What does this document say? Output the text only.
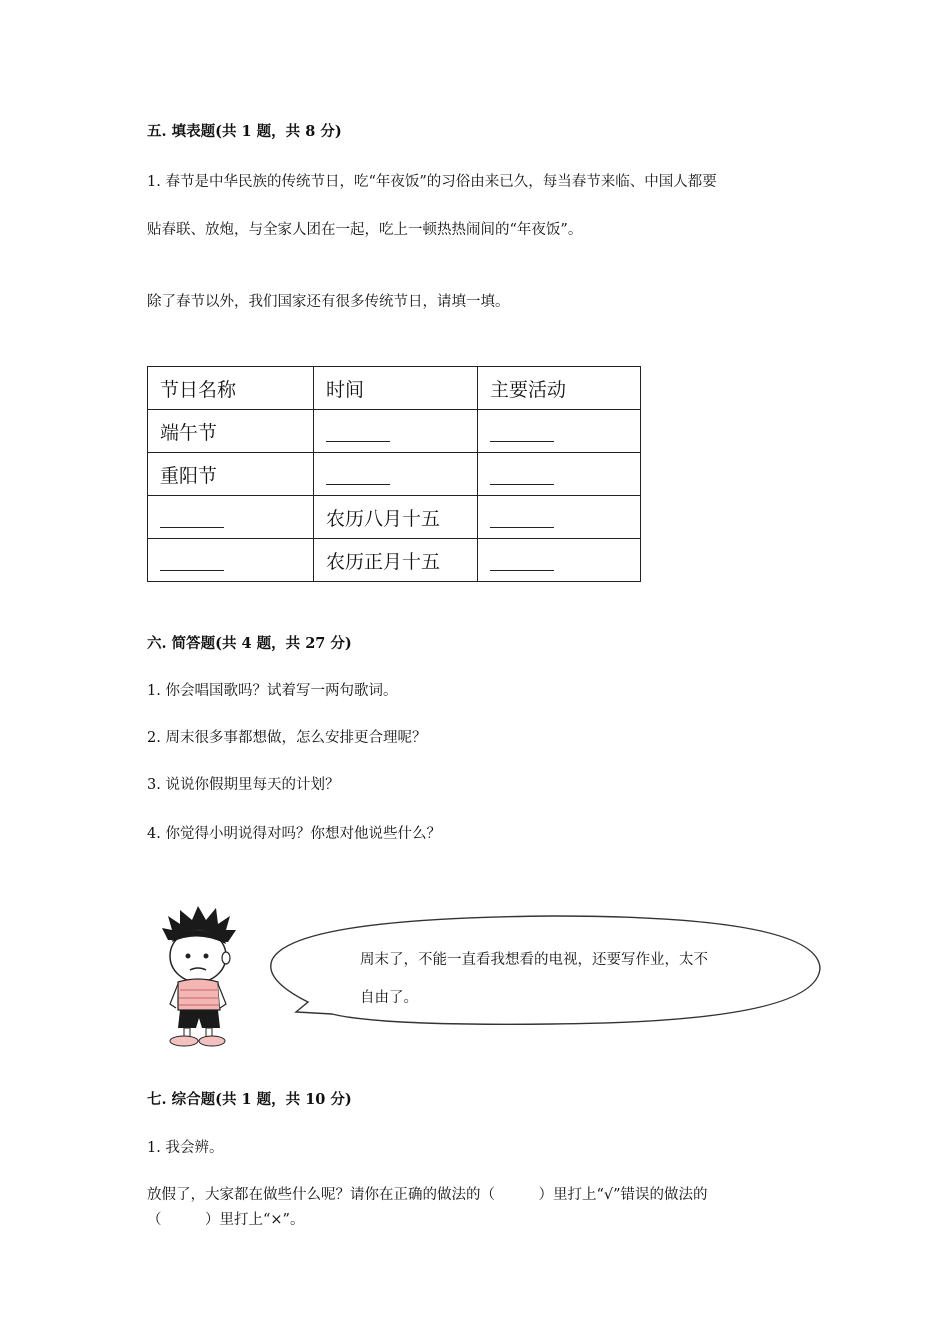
五. 填表题(共 1 题，共 8 分)
1. 春节是中华民族的传统节日，吃“年夜饭”的习俗由来已久，每当春节来临、中国人都要
贴春联、放炮，与全家人团在一起，吃上一顿热热闹间的“年夜饭”。
除了春节以外，我们国家还有很多传统节日，请填一填。
节日名称	时间	主要活动
端午节		
重阳节		
	农历八月十五	
	农历正月十五	
六. 简答题(共 4 题，共 27 分)
1. 你会唱国歌吗？试着写一两句歌词。
2. 周末很多事都想做，怎么安排更合理呢？
3. 说说你假期里每天的计划？
4. 你觉得小明说得对吗？你想对他说些什么？
周末了，不能一直看我想看的电视，还要写作业，太不
自由了。
七. 综合题(共 1 题，共 10 分)
1. 我会辨。
放假了，大家都在做些什么呢？请你在正确的做法的（　　　）里打上“√”错误的做法的
（　　　）里打上“×”。
